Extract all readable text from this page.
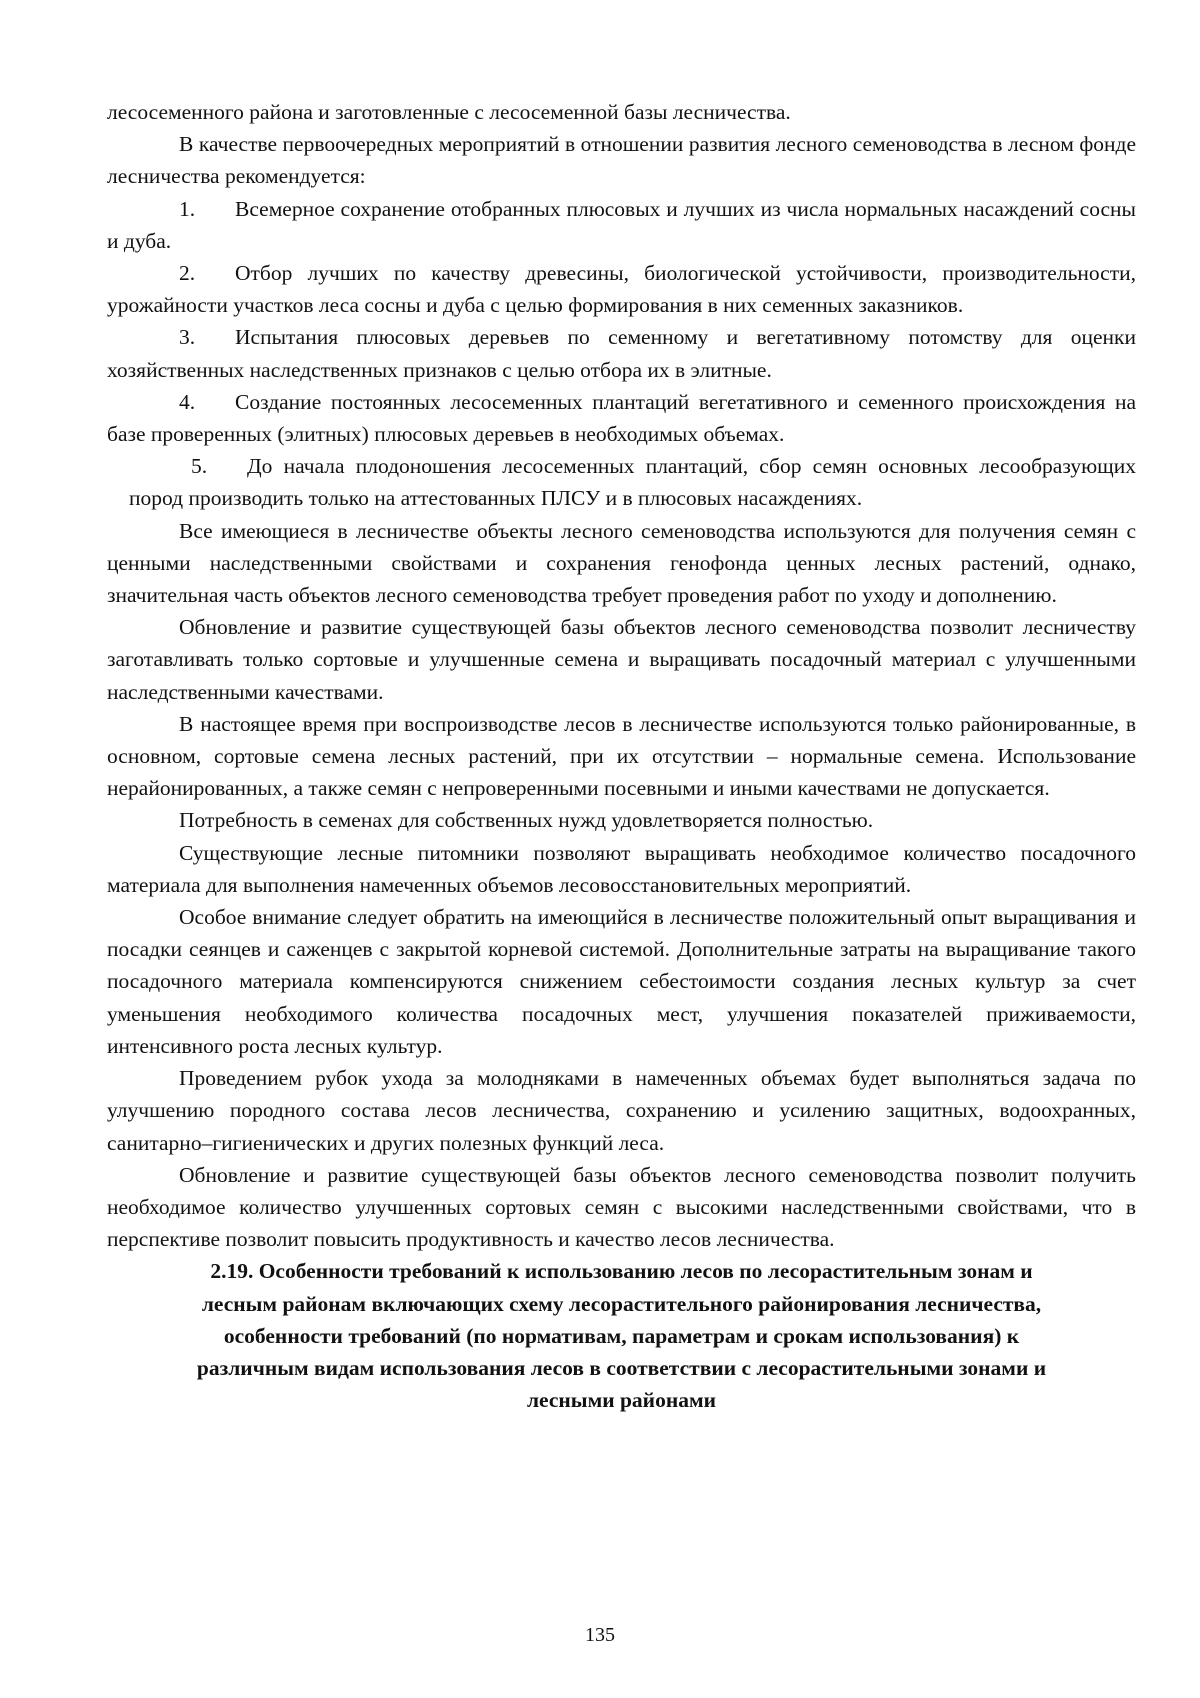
лесосеменного района и заготовленные с лесосеменной базы лесничества.

В качестве первоочередных мероприятий в отношении развития лесного семеноводства в лесном фонде лесничества рекомендуется:

1. Всемерное сохранение отобранных плюсовых и лучших из числа нормальных насаждений сосны и дуба.

2. Отбор лучших по качеству древесины, биологической устойчивости, производительности, урожайности участков леса сосны и дуба с целью формирования в них семенных заказников.

3. Испытания плюсовых деревьев по семенному и вегетативному потомству для оценки хозяйственных наследственных признаков с целью отбора их в элитные.

4. Создание постоянных лесосеменных плантаций вегетативного и семенного происхождения на базе проверенных (элитных) плюсовых деревьев в необходимых объемах.

5. До начала плодоношения лесосеменных плантаций, сбор семян основных лесообразующих пород производить только на аттестованных ПЛСУ и в плюсовых насаждениях.

Все имеющиеся в лесничестве объекты лесного семеноводства используются для получения семян с ценными наследственными свойствами и сохранения генофонда ценных лесных растений, однако, значительная часть объектов лесного семеноводства требует проведения работ по уходу и дополнению.

Обновление и развитие существующей базы объектов лесного семеноводства позволит лесничеству заготавливать только сортовые и улучшенные семена и выращивать посадочный материал с улучшенными наследственными качествами.

В настоящее время при воспроизводстве лесов в лесничестве используются только районированные, в основном, сортовые семена лесных растений, при их отсутствии – нормальные семена. Использование нерайонированных, а также семян с непроверенными посевными и иными качествами не допускается.

Потребность в семенах для собственных нужд удовлетворяется полностью.

Существующие лесные питомники позволяют выращивать необходимое количество посадочного материала для выполнения намеченных объемов лесовосстановительных мероприятий.

Особое внимание следует обратить на имеющийся в лесничестве положительный опыт выращивания и посадки сеянцев и саженцев с закрытой корневой системой. Дополнительные затраты на выращивание такого посадочного материала компенсируются снижением себестоимости создания лесных культур за счет уменьшения необходимого количества посадочных мест, улучшения показателей приживаемости, интенсивного роста лесных культур.

Проведением рубок ухода за молодняками в намеченных объемах будет выполняться задача по улучшению породного состава лесов лесничества, сохранению и усилению защитных, водоохранных, санитарно–гигиенических и других полезных функций леса.

Обновление и развитие существующей базы объектов лесного семеноводства позволит получить необходимое количество улучшенных сортовых семян с высокими наследственными свойствами, что в перспективе позволит повысить продуктивность и качество лесов лесничества.

2.19. Особенности требований к использованию лесов по лесорастительным зонам и
лесным районам включающих схему лесорастительного районирования лесничества,
особенности требований (по нормативам, параметрам и срокам использования) к
различным видам использования лесов в соответствии с лесорастительными зонами и
лесными районами
135
